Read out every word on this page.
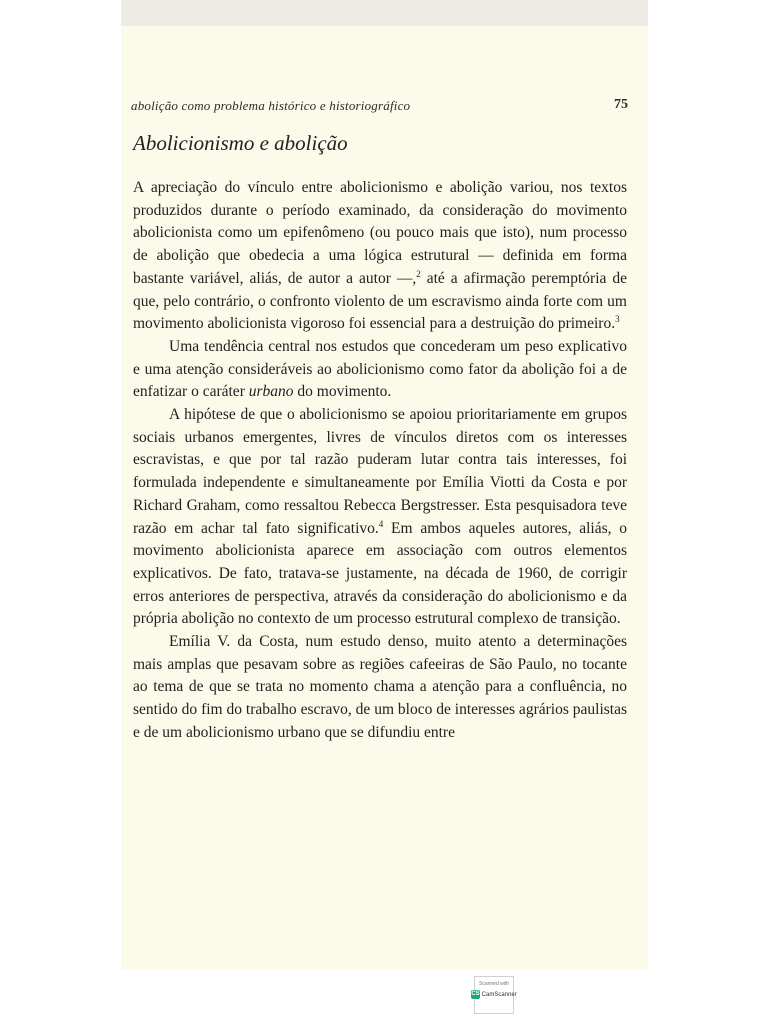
abolição como problema histórico e historiográfico	75
Abolicionismo e abolição

A apreciação do vínculo entre abolicionismo e abolição variou, nos textos produzidos durante o período examinado, da consideração do movimento abolicionista como um epifenômeno (ou pouco mais que isto), num processo de abolição que obedecia a uma lógica estrutural — definida em forma bastante variável, aliás, de autor a autor —,$^2$ até a afirmação peremptória de que, pelo contrário, o confronto violento de um escravismo ainda forte com um movimento abolicionista vigoroso foi essencial para a destruição do primeiro.$^3$

Uma tendência central nos estudos que concederam um peso explicativo e uma atenção consideráveis ao abolicionismo como fator da abolição foi a de enfatizar o caráter urbano do movimento.

A hipótese de que o abolicionismo se apoiou prioritariamente em grupos sociais urbanos emergentes, livres de vínculos diretos com os interesses escravistas, e que por tal razão puderam lutar contra tais interesses, foi formulada independente e simultaneamente por Emília Viotti da Costa e por Richard Graham, como ressaltou Rebecca Bergstresser. Esta pesquisadora teve razão em achar tal fato significativo.$^4$ Em ambos aqueles autores, aliás, o movimento abolicionista aparece em associação com outros elementos explicativos. De fato, tratava-se justamente, na década de 1960, de corrigir erros anteriores de perspectiva, através da consideração do abolicionismo e da própria abolição no contexto de um processo estrutural complexo de transição.

Emília V. da Costa, num estudo denso, muito atento a determinações mais amplas que pesavam sobre as regiões cafeeiras de São Paulo, no tocante ao tema de que se trata no momento chama a atenção para a confluência, no sentido do fim do trabalho escravo, de um bloco de interesses agrários paulistas e de um abolicionismo urbano que se difundiu entre

Scanned with
CS CamScanner
